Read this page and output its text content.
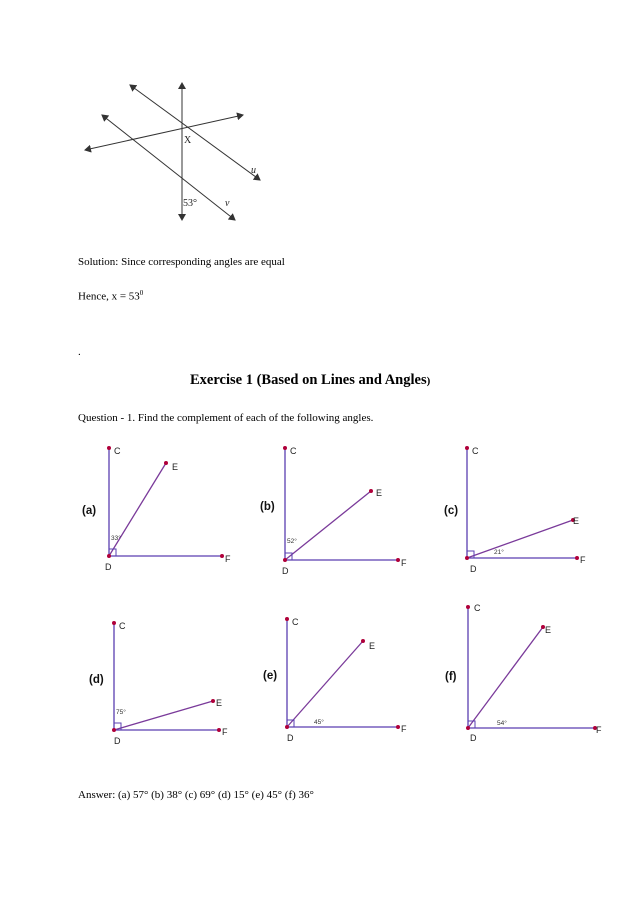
X
53°
u
v
Solution: Since corresponding angles are equal
Hence, $x = 53^0$
.
Exercise 1 (Based on Lines and Angles)
Question - 1. Find the complement of each of the following angles.
C
D
E
F
(a)
33°
C
D
E
F
(b)
52°
C
D
E
F
(c)
21°
C
D
E
F
(d)
75°
C
D
E
F
(e)
45°
C
D
E
F
(f)
54°
Answer: (a) 57° (b) 38° (c) 69° (d) 15° (e) 45° (f) 36°
